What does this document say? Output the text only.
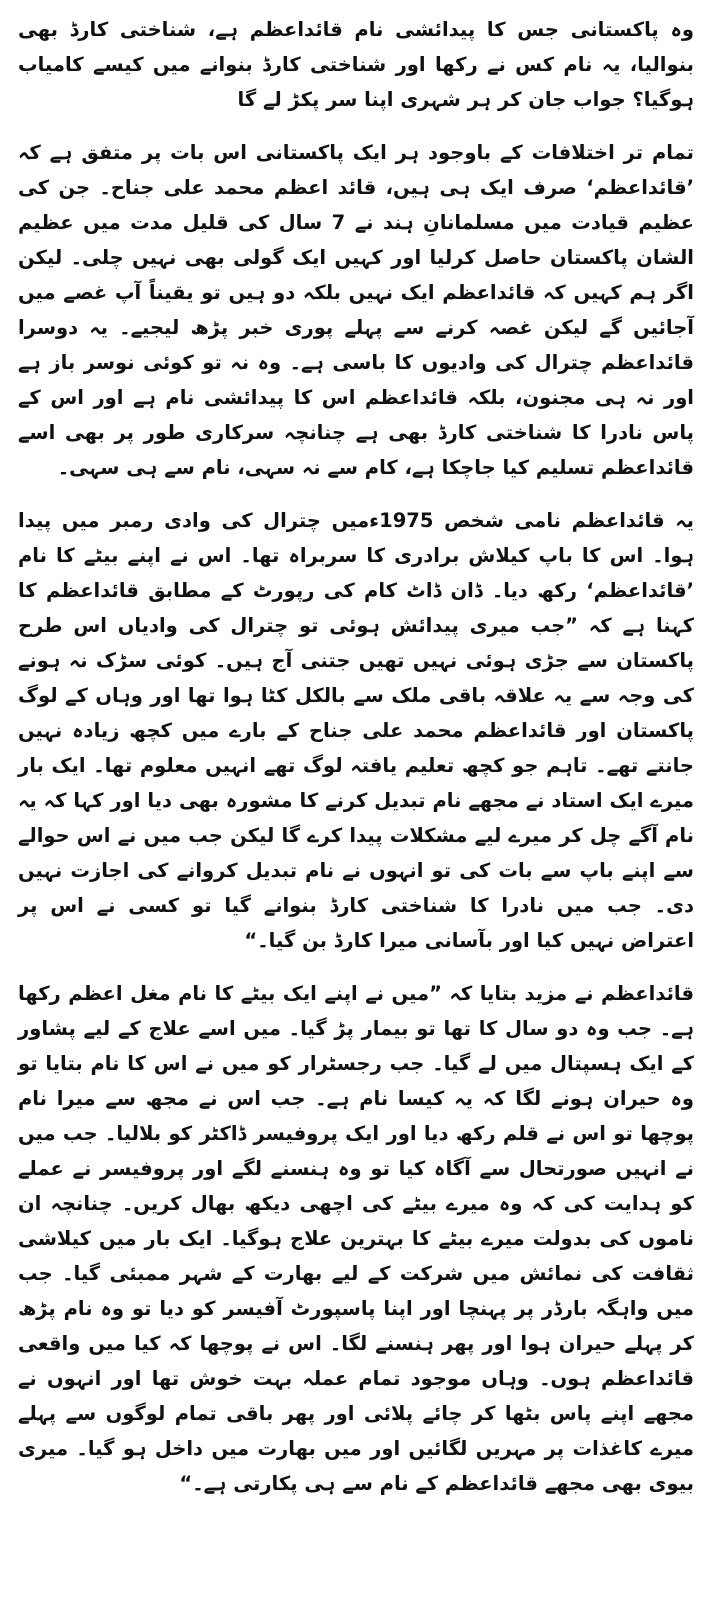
وہ پاکستانی جس کا پیدائشی نام قائداعظم ہے، شناختی کارڈ بھی بنوالیا، یہ نام کس نے رکھا اور شناختی کارڈ بنوانے میں کیسے کامیاب ہوگیا؟ جواب جان کر ہر شہری اپنا سر پکڑ لے گا

تمام تر اختلافات کے باوجود ہر ایک پاکستانی اس بات پر متفق ہے کہ ’قائداعظم‘ صرف ایک ہی ہیں، قائد اعظم محمد علی جناح۔ جن کی عظیم قیادت میں مسلمانانِ ہند نے 7 سال کی قلیل مدت میں عظیم الشان پاکستان حاصل کرلیا اور کہیں ایک گولی بھی نہیں چلی۔ لیکن اگر ہم کہیں کہ قائداعظم ایک نہیں بلکہ دو ہیں تو یقیناً آپ غصے میں آجائیں گے لیکن غصہ کرنے سے پہلے پوری خبر پڑھ لیجیے۔ یہ دوسرا قائداعظم چترال کی وادیوں کا باسی ہے۔ وہ نہ تو کوئی نوسر باز ہے اور نہ ہی مجنون، بلکہ قائداعظم اس کا پیدائشی نام ہے اور اس کے پاس نادرا کا شناختی کارڈ بھی ہے چنانچہ سرکاری طور پر بھی اسے قائداعظم تسلیم کیا جاچکا ہے، کام سے نہ سہی، نام سے ہی سہی۔

یہ قائداعظم نامی شخص 1975ءمیں چترال کی وادی رمبر میں پیدا ہوا۔ اس کا باپ کیلاش برادری کا سربراہ تھا۔ اس نے اپنے بیٹے کا نام ’قائداعظم‘ رکھ دیا۔ ڈان ڈاٹ کام کی رپورٹ کے مطابق قائداعظم کا کہنا ہے کہ ”جب میری پیدائش ہوئی تو چترال کی وادیاں اس طرح پاکستان سے جڑی ہوئی نہیں تھیں جتنی آج ہیں۔ کوئی سڑک نہ ہونے کی وجہ سے یہ علاقہ باقی ملک سے بالکل کٹا ہوا تھا اور وہاں کے لوگ پاکستان اور قائداعظم محمد علی جناح کے بارے میں کچھ زیادہ نہیں جانتے تھے۔ تاہم جو کچھ تعلیم یافتہ لوگ تھے انہیں معلوم تھا۔ ایک بار میرے ایک استاد نے مجھے نام تبدیل کرنے کا مشورہ بھی دیا اور کہا کہ یہ نام آگے چل کر میرے لیے مشکلات پیدا کرے گا لیکن جب میں نے اس حوالے سے اپنے باپ سے بات کی تو انہوں نے نام تبدیل کروانے کی اجازت نہیں دی۔ جب میں نادرا کا شناختی کارڈ بنوانے گیا تو کسی نے اس پر اعتراض نہیں کیا اور بآسانی میرا کارڈ بن گیا۔“

قائداعظم نے مزید بتایا کہ ”میں نے اپنے ایک بیٹے کا نام مغل اعظم رکھا ہے۔ جب وہ دو سال کا تھا تو بیمار پڑ گیا۔ میں اسے علاج کے لیے پشاور کے ایک ہسپتال میں لے گیا۔ جب رجسٹرار کو میں نے اس کا نام بتایا تو وہ حیران ہونے لگا کہ یہ کیسا نام ہے۔ جب اس نے مجھ سے میرا نام پوچھا تو اس نے قلم رکھ دیا اور ایک پروفیسر ڈاکٹر کو بلالیا۔ جب میں نے انہیں صورتحال سے آگاہ کیا تو وہ ہنسنے لگے اور پروفیسر نے عملے کو ہدایت کی کہ وہ میرے بیٹے کی اچھی دیکھ بھال کریں۔ چنانچہ ان ناموں کی بدولت میرے بیٹے کا بہترین علاج ہوگیا۔ ایک بار میں کیلاشی ثقافت کی نمائش میں شرکت کے لیے بھارت کے شہر ممبئی گیا۔ جب میں واہگہ بارڈر پر پہنچا اور اپنا پاسپورٹ آفیسر کو دیا تو وہ نام پڑھ کر پہلے حیران ہوا اور پھر ہنسنے لگا۔ اس نے پوچھا کہ کیا میں واقعی قائداعظم ہوں۔ وہاں موجود تمام عملہ بہت خوش تھا اور انہوں نے مجھے اپنے پاس بٹھا کر چائے پلائی اور پھر باقی تمام لوگوں سے پہلے میرے کاغذات پر مہریں لگائیں اور میں بھارت میں داخل ہو گیا۔ میری بیوی بھی مجھے قائداعظم کے نام سے ہی پکارتی ہے۔“
